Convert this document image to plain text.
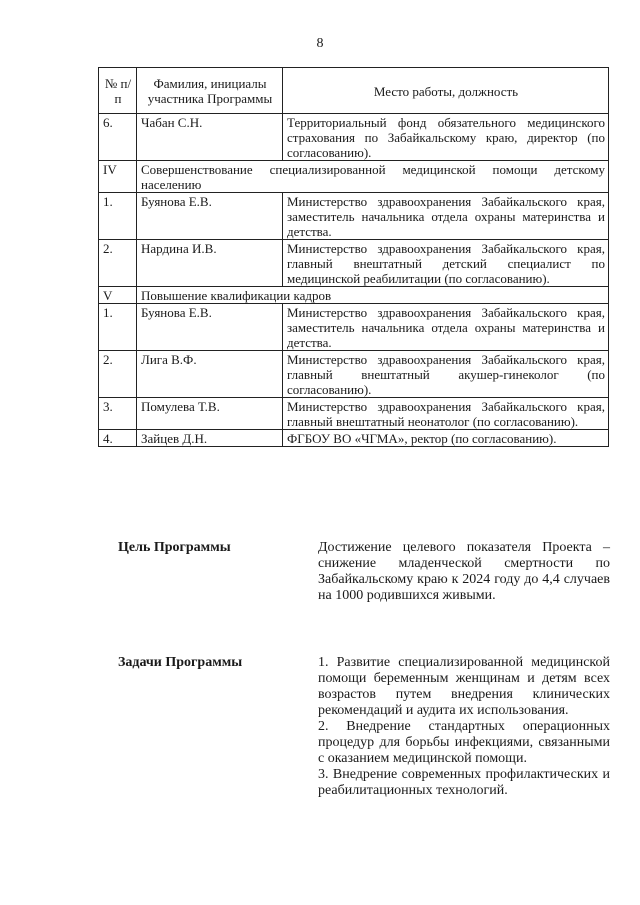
8
№ п/п	Фамилия, инициалы участника Программы	Место работы, должность
6.	Чабан С.Н.	Территориальный фонд обязательного медицинского страхования по Забайкальскому краю, директор (по согласованию).
IV	Совершенствование специализированной медицинской помощи детскому населению	
1.	Буянова Е.В.	Министерство здравоохранения Забайкальского края, заместитель начальника отдела охраны материнства и детства.
2.	Нардина И.В.	Министерство здравоохранения Забайкальского края, главный внештатный детский специалист по медицинской реабилитации (по согласованию).
V	Повышение квалификации кадров	
1.	Буянова Е.В.	Министерство здравоохранения Забайкальского края, заместитель начальника отдела охраны материнства и детства.
2.	Лига В.Ф.	Министерство здравоохранения Забайкальского края, главный внештатный акушер-гинеколог (по согласованию).
3.	Помулева Т.В.	Министерство здравоохранения Забайкальского края, главный внештатный неонатолог (по согласованию).
4.	Зайцев Д.Н.	ФГБОУ ВО «ЧГМА», ректор (по согласованию).
Цель Программы	Достижение целевого показателя Проекта – снижение младенческой смертности по Забайкальскому краю к 2024 году до 4,4 случаев на 1000 родившихся живыми.

Задачи Программы	1. Развитие специализированной медицинской помощи беременным женщинам и детям всех возрастов путем внедрения клинических рекомендаций и аудита их использования.

2. Внедрение стандартных операционных процедур для борьбы инфекциями, связанными с оказанием медицинской помощи.

3. Внедрение современных профилактических и реабилитационных технологий.
